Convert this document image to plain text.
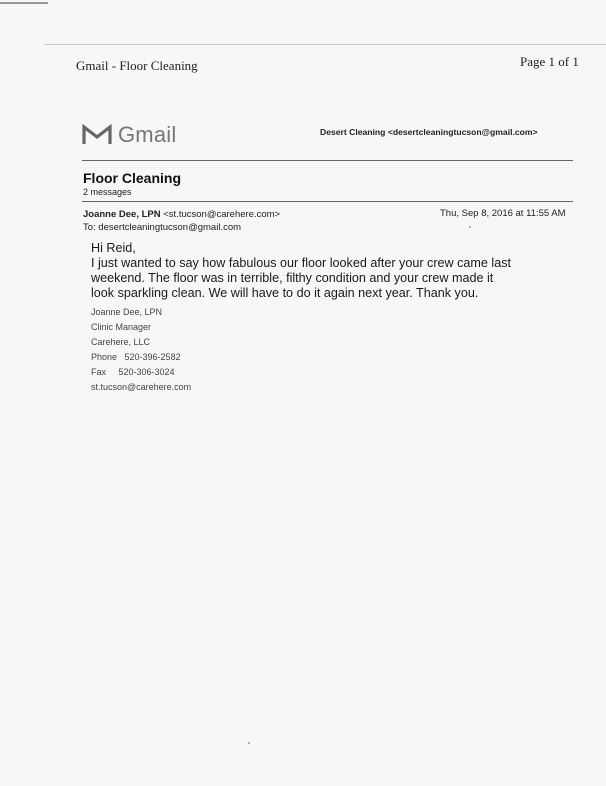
Gmail - Floor Cleaning	Page 1 of 1
Gmail	Desert Cleaning <desertcleaningtucson@gmail.com>
Floor Cleaning
2 messages
Joanne Dee, LPN <st.tucson@carehere.com>	Thu, Sep 8, 2016 at 11:55 AM
To: desertcleaningtucson@gmail.com
Hi Reid,
I just wanted to say how fabulous our floor looked after your crew came last
weekend. The floor was in terrible, filthy condition and your crew made it
look sparkling clean. We will have to do it again next year. Thank you.
Joanne Dee, LPN
Clinic Manager
Carehere, LLC
Phone   520-396-2582
Fax     520-306-3024
st.tucson@carehere.com
